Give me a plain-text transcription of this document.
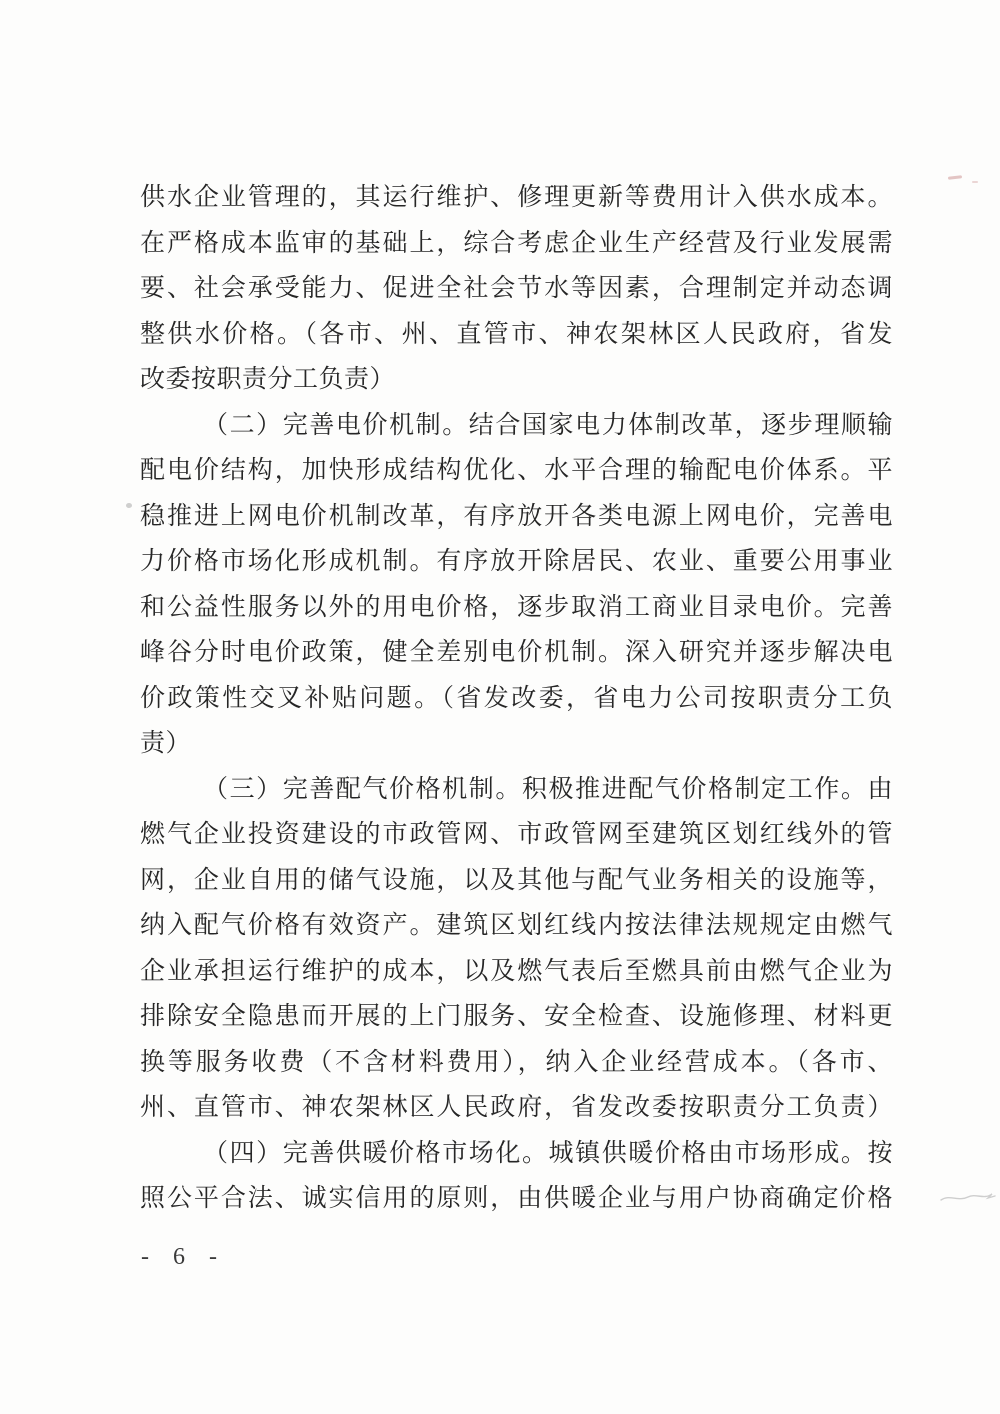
供水企业管理的，其运行维护、修理更新等费用计入供水成本。
在严格成本监审的基础上，综合考虑企业生产经营及行业发展需
要、社会承受能力、促进全社会节水等因素，合理制定并动态调
整供水价格。（各市、州、直管市、神农架林区人民政府，省发
改委按职责分工负责）

（二）完善电价机制。结合国家电力体制改革，逐步理顺输
配电价结构，加快形成结构优化、水平合理的输配电价体系。平
稳推进上网电价机制改革，有序放开各类电源上网电价，完善电
力价格市场化形成机制。有序放开除居民、农业、重要公用事业
和公益性服务以外的用电价格，逐步取消工商业目录电价。完善
峰谷分时电价政策，健全差别电价机制。深入研究并逐步解决电
价政策性交叉补贴问题。（省发改委，省电力公司按职责分工负
责）

（三）完善配气价格机制。积极推进配气价格制定工作。由
燃气企业投资建设的市政管网、市政管网至建筑区划红线外的管
网，企业自用的储气设施，以及其他与配气业务相关的设施等，
纳入配气价格有效资产。建筑区划红线内按法律法规规定由燃气
企业承担运行维护的成本，以及燃气表后至燃具前由燃气企业为
排除安全隐患而开展的上门服务、安全检查、设施修理、材料更
换等服务收费（不含材料费用），纳入企业经营成本。（各市、
州、直管市、神农架林区人民政府，省发改委按职责分工负责）

（四）完善供暖价格市场化。城镇供暖价格由市场形成。按
照公平合法、诚实信用的原则，由供暖企业与用户协商确定价格

- 6 -
